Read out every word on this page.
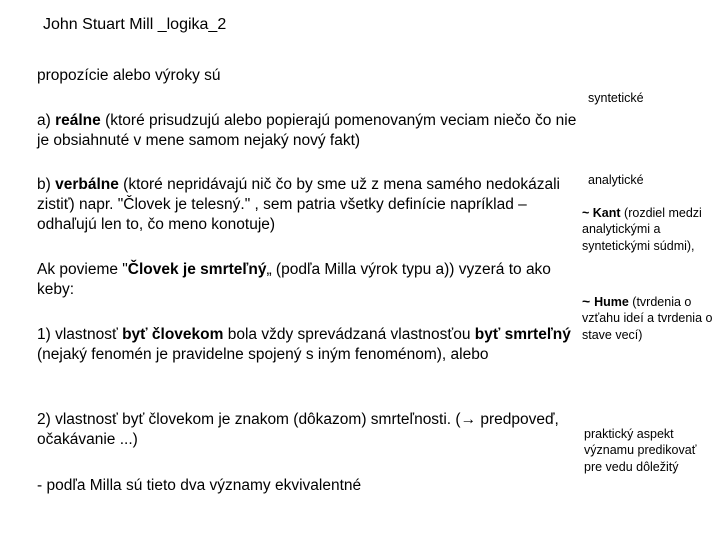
John Stuart Mill _logika_2

propozície alebo výroky sú

a) reálne (ktoré prisudzujú alebo popierajú pomenovaným veciam niečo čo nie je obsiahnuté v mene samom nejaký nový fakt)

b) verbálne (ktoré nepridávajú nič čo by sme už z mena samého nedokázali zistiť) napr. "Človek je telesný." , sem patria všetky definície napríklad – odhaľujú len to, čo meno konotuje)

Ak povieme "Človek je smrteľný„ (podľa Milla výrok typu a)) vyzerá to ako keby:

1) vlastnosť byť človekom bola vždy sprevádzaná vlastnosťou byť smrteľný (nejaký fenomén je pravidelne spojený s iným fenoménom), alebo

2) vlastnosť byť človekom je znakom (dôkazom) smrteľnosti. (→ predpoveď, očakávanie ...)

- podľa Milla sú tieto dva významy ekvivalentné

syntetické

analytické

~ Kant (rozdiel medzi analytickými a syntetickými súdmi),

~ Hume (tvrdenia o vzťahu ideí a tvrdenia o stave vecí)

praktický aspekt významu predikovať pre vedu dôležitý
